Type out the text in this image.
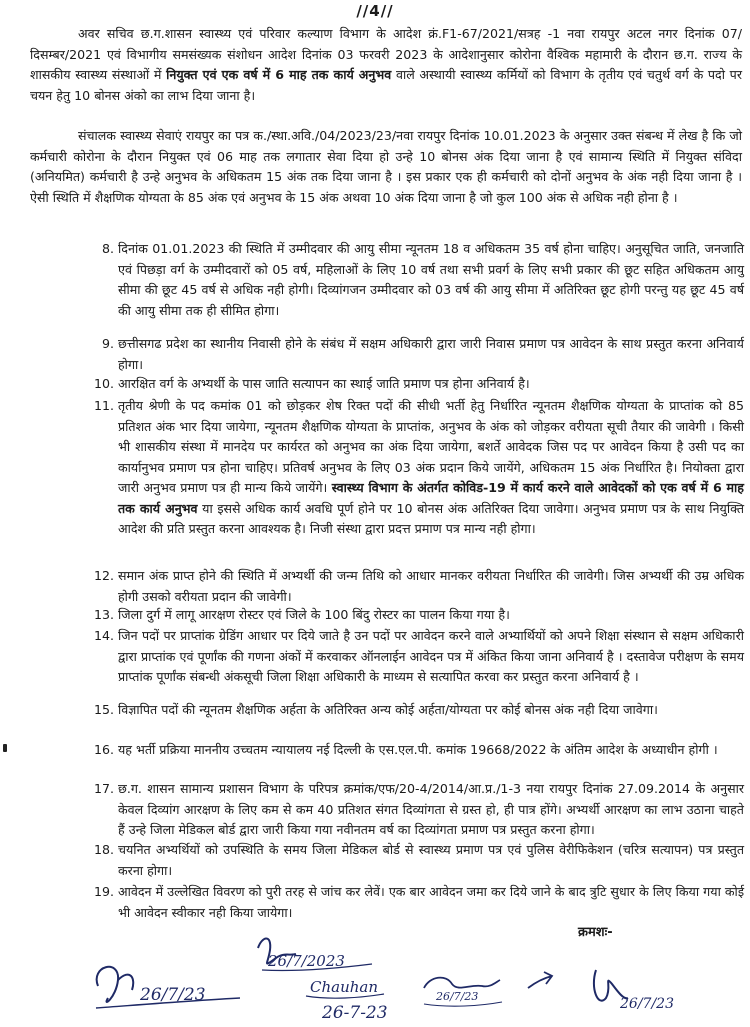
//4//
अवर सचिव छ.ग.शासन स्वास्थ्य एवं परिवार कल्याण विभाग के आदेश क्रं.F1-67/2021/सत्रह -1 नवा रायपुर अटल नगर दिनांक 07/दिसम्बर/2021 एवं विभागीय समसंख्यक संशोधन आदेश दिनांक 03 फरवरी 2023 के आदेशानुसार कोरोना वैश्विक महामारी के दौरान छ.ग. राज्य के शासकीय स्वास्थ्य संस्थाओं में नियुक्त एवं एक वर्ष में 6 माह तक कार्य अनुभव वाले अस्थायी स्वास्थ्य कर्मियों को विभाग के तृतीय एवं चतुर्थ वर्ग के पदो पर चयन हेतु 10 बोनस अंको का लाभ दिया जाना है।
संचालक स्वास्थ्य सेवाएं रायपुर का पत्र क./स्था.अवि./04/2023/23/नवा रायपुर दिनांक 10.01.2023 के अनुसार उक्त संबन्ध में लेख है कि जो कर्मचारी कोरोना के दौरान नियुक्त एवं 06 माह तक लगातार सेवा दिया हो उन्हे 10 बोनस अंक दिया जाना है एवं सामान्य स्थिति में नियुक्त संविदा (अनियमित) कर्मचारी है उन्हे अनुभव के अधिकतम 15 अंक तक दिया जाना है । इस प्रकार एक ही कर्मचारी को दोनों अनुभव के अंक नही दिया जाना है । ऐसी स्थिति में शैक्षणिक योग्यता के 85 अंक एवं अनुभव के 15 अंक अथवा 10 अंक दिया जाना है जो कुल 100 अंक से अधिक नही होना है ।
8. दिनांक 01.01.2023 की स्थिति में उम्मीदवार की आयु सीमा न्यूनतम 18 व अधिकतम 35 वर्ष होना चाहिए। अनुसूचित जाति, जनजाति एवं पिछड़ा वर्ग के उम्मीदवारों को 05 वर्ष, महिलाओं के लिए 10 वर्ष तथा सभी प्रवर्ग के लिए सभी प्रकार की छूट सहित अधिकतम आयु सीमा की छूट 45 वर्ष से अधिक नही होगी। दिव्यांगजन उम्मीदवार को 03 वर्ष की आयु सीमा में अतिरिक्त छूट होगी परन्तु यह छूट 45 वर्ष की आयु सीमा तक ही सीमित होगा।
9. छत्तीसगढ प्रदेश का स्थानीय निवासी होने के संबंध में सक्षम अधिकारी द्वारा जारी निवास प्रमाण पत्र आवेदन के साथ प्रस्तुत करना अनिवार्य होगा।
10. आरक्षित वर्ग के अभ्यर्थी के पास जाति सत्यापन का स्थाई जाति प्रमाण पत्र होना अनिवार्य है।
11. तृतीय श्रेणी के पद कमांक 01 को छोड़कर शेष रिक्त पदों की सीधी भर्ती हेतु निर्धारित न्यूनतम शैक्षणिक योग्यता के प्राप्तांक को 85 प्रतिशत अंक भार दिया जायेगा, न्यूनतम शैक्षणिक योग्यता के प्राप्तांक, अनुभव के अंक को जोड़कर वरीयता सूची तैयार की जावेगी । किसी भी शासकीय संस्था में मानदेय पर कार्यरत को अनुभव का अंक दिया जायेगा, बशर्ते आवेदक जिस पद पर आवेदन किया है उसी पद का कार्यानुभव प्रमाण पत्र होना चाहिए। प्रतिवर्ष अनुभव के लिए 03 अंक प्रदान किये जायेंगे, अधिकतम 15 अंक निर्धारित है। नियोक्ता द्वारा जारी अनुभव प्रमाण पत्र ही मान्य किये जायेंगे। स्वास्थ्य विभाग के अंतर्गत कोविड-19 में कार्य करने वाले आवेदकों को एक वर्ष में 6 माह तक कार्य अनुभव या इससे अधिक कार्य अवधि पूर्ण होने पर 10 बोनस अंक अतिरिक्त दिया जावेगा। अनुभव प्रमाण पत्र के साथ नियुक्ति आदेश की प्रति प्रस्तुत करना आवश्यक है। निजी संस्था द्वारा प्रदत्त प्रमाण पत्र मान्य नही होगा।
12. समान अंक प्राप्त होने की स्थिति में अभ्यर्थी की जन्म तिथि को आधार मानकर वरीयता निर्धारित की जावेगी। जिस अभ्यर्थी की उम्र अधिक होगी उसको वरीयता प्रदान की जावेगी।
13. जिला दुर्ग में लागू आरक्षण रोस्टर एवं जिले के 100 बिंदु रोस्टर का पालन किया गया है।
14. जिन पदों पर प्राप्तांक ग्रेडिंग आधार पर दिये जाते है उन पदों पर आवेदन करने वाले अभ्यार्थियों को अपने शिक्षा संस्थान से सक्षम अधिकारी द्वारा प्राप्तांक एवं पूर्णांक की गणना अंकों में करवाकर ऑनलाईन आवेदन पत्र में अंकित किया जाना अनिवार्य है । दस्तावेज परीक्षण के समय प्राप्तांक पूर्णांक संबन्धी अंकसूची जिला शिक्षा अधिकारी के माध्यम से सत्यापित करवा कर प्रस्तुत करना अनिवार्य है ।
15. विज्ञापित पदों की न्यूनतम शैक्षणिक अर्हता के अतिरिक्त अन्य कोई अर्हता/योग्यता पर कोई बोनस अंक नही दिया जावेगा।
16. यह भर्ती प्रक्रिया माननीय उच्चतम न्यायालय नई दिल्ली के एस.एल.पी. कमांक 19668/2022 के अंतिम आदेश के अध्याधीन होगी ।
17. छ.ग. शासन सामान्य प्रशासन विभाग के परिपत्र क्रमांक/एफ/20-4/2014/आ.प्र./1-3 नया रायपुर दिनांक 27.09.2014 के अनुसार केवल दिव्यांग आरक्षण के लिए कम से कम 40 प्रतिशत संगत दिव्यांगता से ग्रस्त हो, ही पात्र होंगे। अभ्यर्थी आरक्षण का लाभ उठाना चाहते हैं उन्हे जिला मेडिकल बोर्ड द्वारा जारी किया गया नवीनतम वर्ष का दिव्यांगता प्रमाण पत्र प्रस्तुत करना होगा।
18. चयनित अभ्यर्थियों को उपस्थिति के समय जिला मेडिकल बोर्ड से स्वास्थ्य प्रमाण पत्र एवं पुलिस वेरीफिकेशन (चरित्र सत्यापन) पत्र प्रस्तुत करना होगा।
19. आवेदन में उल्लेखित विवरण को पुरी तरह से जांच कर लेवें। एक बार आवेदन जमा कर दिये जाने के बाद त्रुटि सुधार के लिए किया गया कोई भी आवेदन स्वीकार नही किया जायेगा।
क्रमशः-
26/7/23
26/7/2023
Chauhan
26-7-23
26/7/23	26/7/23
